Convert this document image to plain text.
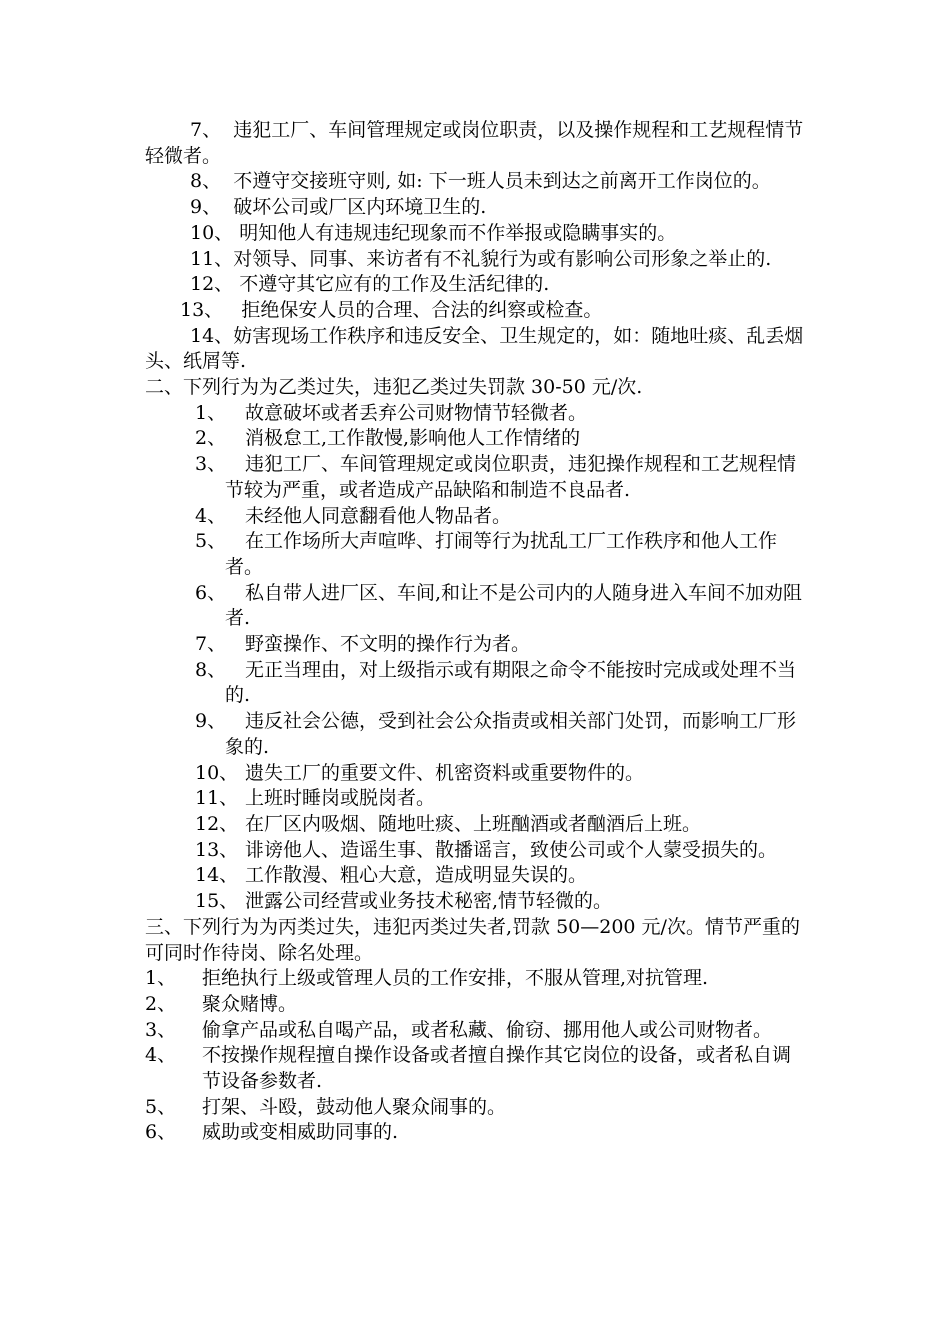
7、 违犯工厂、车间管理规定或岗位职责，以及操作规程和工艺规程情节轻微者。

8、 不遵守交接班守则, 如: 下一班人员未到达之前离开工作岗位的。

9、 破坏公司或厂区内环境卫生的.

10、 明知他人有违规违纪现象而不作举报或隐瞒事实的。

11、对领导、同事、来访者有不礼貌行为或有影响公司形象之举止的.

12、 不遵守其它应有的工作及生活纪律的.

13、 拒绝保安人员的合理、合法的纠察或检查。

14、妨害现场工作秩序和违反安全、卫生规定的，如：随地吐痰、乱丢烟头、纸屑等.

二、下列行为为乙类过失，违犯乙类过失罚款 30-50 元/次.

1、 故意破坏或者丢弃公司财物情节轻微者。

2、 消极怠工,工作散慢,影响他人工作情绪的

3、 违犯工厂、车间管理规定或岗位职责，违犯操作规程和工艺规程情节较为严重，或者造成产品缺陷和制造不良品者.

4、 未经他人同意翻看他人物品者。

5、 在工作场所大声喧哗、打闹等行为扰乱工厂工作秩序和他人工作者。

6、 私自带人进厂区、车间,和让不是公司内的人随身进入车间不加劝阻者.

7、 野蛮操作、不文明的操作行为者。

8、 无正当理由，对上级指示或有期限之命令不能按时完成或处理不当的.

9、 违反社会公德，受到社会公众指责或相关部门处罚，而影响工厂形象的.

10、 遗失工厂的重要文件、机密资料或重要物件的。

11、 上班时睡岗或脱岗者。

12、 在厂区内吸烟、随地吐痰、上班酗酒或者酗酒后上班。

13、 诽谤他人、造谣生事、散播谣言，致使公司或个人蒙受损失的。

14、 工作散漫、粗心大意，造成明显失误的。

15、 泄露公司经营或业务技术秘密,情节轻微的。

三、下列行为为丙类过失，违犯丙类过失者,罚款 50—200 元/次。情节严重的可同时作待岗、除名处理。

1、 拒绝执行上级或管理人员的工作安排，不服从管理,对抗管理.

2、 聚众赌博。

3、 偷拿产品或私自喝产品，或者私藏、偷窃、挪用他人或公司财物者。

4、 不按操作规程擅自操作设备或者擅自操作其它岗位的设备，或者私自调节设备参数者.

5、 打架、斗殴，鼓动他人聚众闹事的。

6、 威助或变相威助同事的.
